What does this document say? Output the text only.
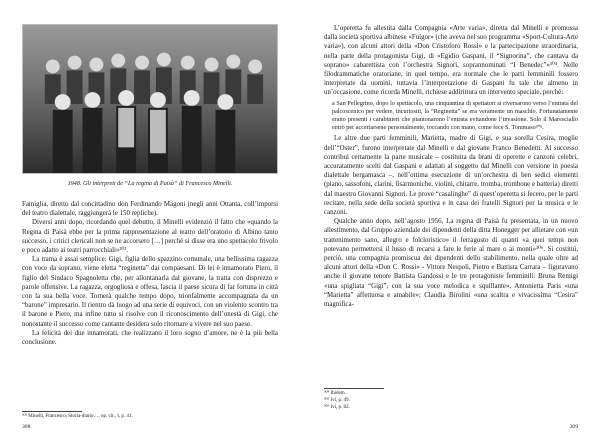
1948. Gli interpreti de “La regina di Paisà” di Francesco Minelli.

Famiglia, diretto dal concittadino don Ferdinando Magoni (negli anni Ottanta, coll’imporsi del teatro dialettale, raggiungerà le 150 repliche).

Diversi anni dopo, ricordando quel debutto, il Minelli evidenziò il fatto che «quando la Regina di Paisà ebbe per la prima rappresentazione al teatro dell’oratorio di Albino tanto successo, i critici clericali non se ne accorsero […] perché si disse era uno spettacolo frivolo e poco adatto ai teatri parrocchiali»³⁰³.

La trama è assai semplice: Gigi, figlia dello spazzino comunale, una bellissima ragazza con voce da soprano, viene eletta “reginetta” dai compaesani. Di lei è innamorato Piero, il figlio del Sindaco Spagnoletta che, per allontanarla dal giovane, la tratta con disprezzo e parole offensive. La ragazza, orgogliosa e offesa, lascia il paese sicura di far fortuna in città con la sua bella voce. Tornerà qualche tempo dopo, trionfalmente accompagnata da un “barone” impresario. Il rientro dà luogo ad una serie di equivoci, con un violento scontro tra il barone e Piero, ma infine tutto si risolve con il riconoscimento dell’onestà di Gigi, che nonostante il successo come cantante desidera solo ritornare a vivere nel suo paese.

La felicità dei due innamorati, che realizzano il loro sogno d’amore, ne è la più bella conclusione.

³⁰³ Minelli, Francesco, Storia-diario…, op. cit., I, p. 41.
308

L’operetta fu allestita dalla Compagnia «Arte varia», diretta dal Minelli e promossa dalla società sportiva albinese «Fulgor» (che aveva nel suo programma «Sport-Cultura-Arte varia»), con alcuni attori della «Don Cristoforo Rossi» e la partecipazione straordinaria, nella parte della protagonista Gigi, di «Egidio Gaspani, il “Signorina”, che cantava da soprano» cabarettista con l’orchestra Signori, soprannominati “I Benedec”»³⁰⁴. Nelle filodrammatiche oratoriane, in quel tempo, era normale che le parti femminili fossero interpretate da uomini, tuttavia l’interpretazione di Gaspani fu tale che almeno in un’occasione, come ricorda Minelli, richiese addirittura un intervento speciale, perché:

a San Pellegrino, dopo lo spettacolo, una cinquantina di spettatori si riversarono verso l’entrata del palcoscenico per vedere, incuriositi, la “Reginetta” se era veramente un maschio. Fortunatamente erano presenti i carabinieri che piantonarono l’entrata evitandone l’invasione. Solo il Maresciallo entrò per accertarsene personalmente, toccando con mano, come fece S. Tommaso³⁰⁵.

Le altre due parti femminili, Marietta, madre di Gigi, e sua sorella Cesira, moglie dell’“Oster”, furono interpretate dal Minelli e dal giovane Franco Benedetti. Al successo contribuì certamente la parte musicale – costituita da brani di operette e canzoni celebri, accuratamente scelti dal Gaspani e adattati al soggetto dal Minelli con versione in poesia dialettale bergamasca –, nell’ottima esecuzione di un’orchestra di ben sedici elementi (piano, sassofoni, clarini, fisarmoniche, violini, chitarre, tromba, trombone e batteria) diretti dal maestro Giovanni Signori. Le prove “casalinghe” di quest’operetta si fecero, per le parti recitate, nella sede della società sportiva e in casa dei fratelli Signori per la musica e le canzoni.

Qualche anno dopo, nell’agosto 1956, La regina di Paisà fu presentata, in un nuovo allestimento, dal Gruppo aziendale dei dipendenti della ditta Honegger per allietare con «un trattenimento sano, allegro e folcloristico» il ferragosto di quanti «a quei tempi non potevano permettersi il lusso di recarsi a fare le ferie al mare o ai monti»³⁰⁶. Si costituì, perciò, una compagnia promiscua dei dipendenti dello stabilimento, nella quale oltre ad alcuni attori della «Don C. Rossi» - Vittore Nespoli, Pietro e Battista Carrara – figuravano anche il giovane tenore Battista Gandossi e le tre protagoniste femminili: Bruna Remigi «una spigliata “Gigi”, con la sua voce melodica e squillante», Antonietta Paris «una “Marietta” affettuosa e amabile»; Claudia Birolini «una scaltra e vivacissima “Cesira” magnifica-

³⁰⁴ Ibidem.
³⁰⁵ Ivi, p. 49.
³⁰⁶ Ivi, p. 82.
309
